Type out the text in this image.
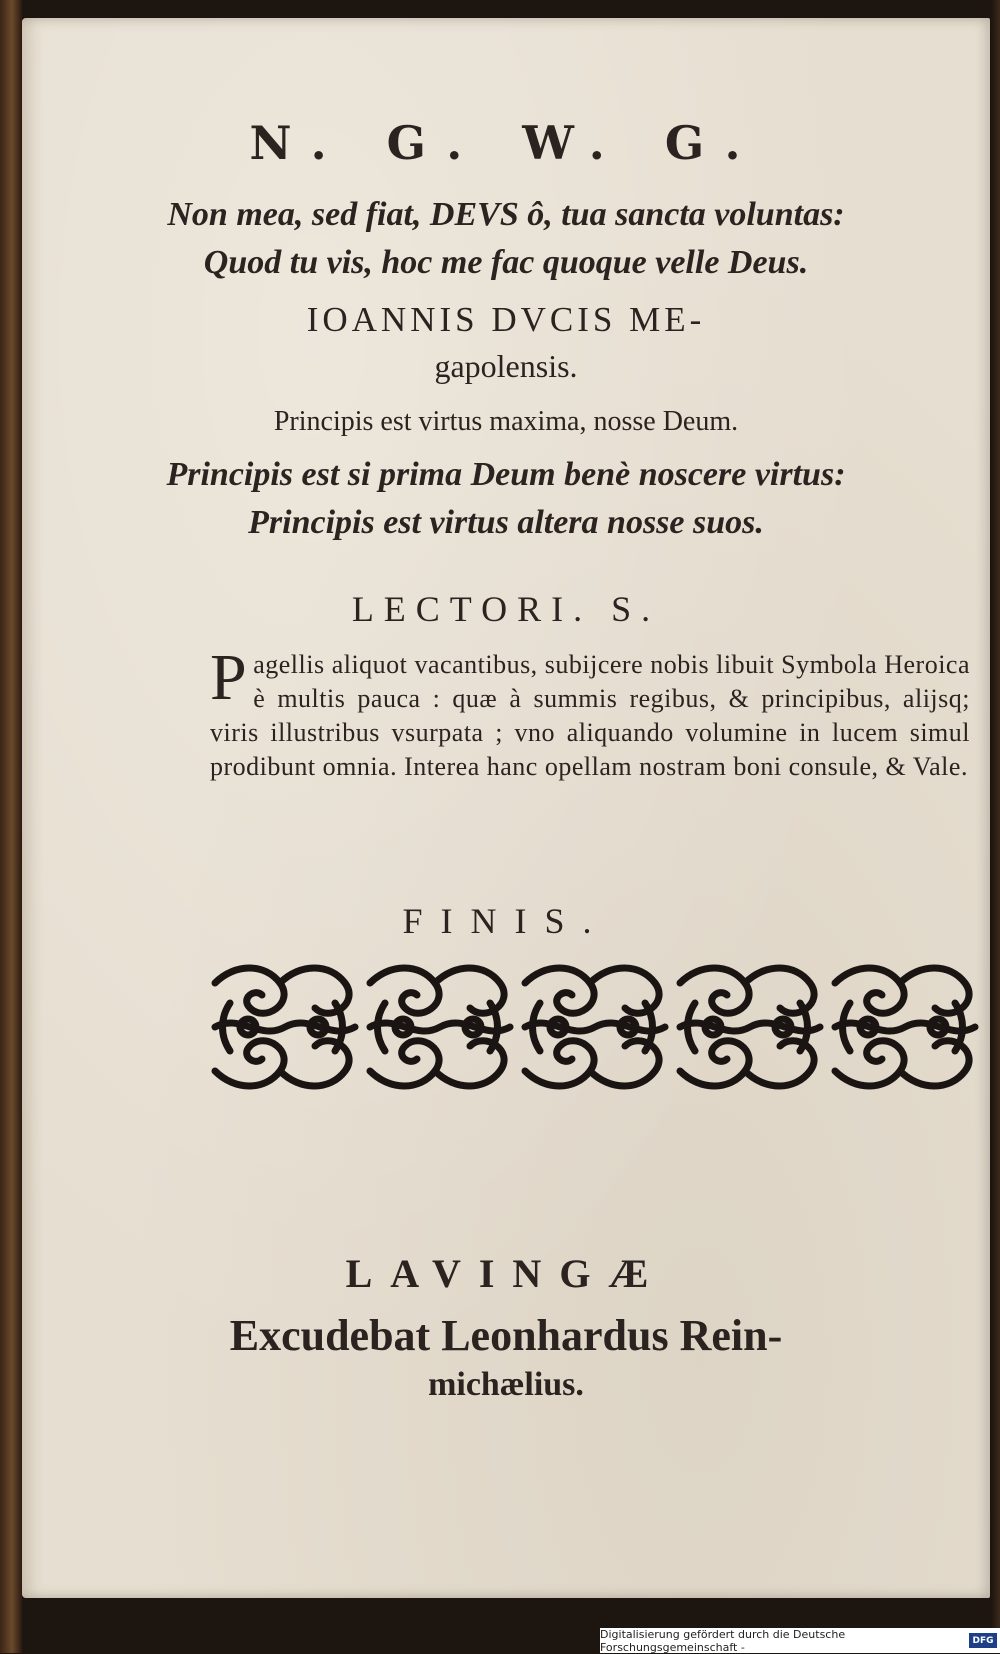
N. G. W. G.

Non mea, sed fiat, DEVS ô, tua sancta voluntas:

Quod tu vis, hoc me fac quoque velle Deus.

IOANNIS DVCIS ME-

gapolensis.

Principis est virtus maxima, nosse Deum.

Principis est si prima Deum benè noscere virtus:

Principis est virtus altera nosse suos.

LECTORI. S.

Pagellis aliquot vacantibus, subijcere nobis libuit Symbola Heroica è multis pauca : quæ à summis regibus, & principibus, alijsq; viris illustribus vsurpata ; vno aliquando volumine in lucem simul prodibunt omnia. Interea hanc opellam nostram boni consule, & Vale.

FINIS.

LAVINGÆ

Excudebat Leonhardus Rein-

michælius.

Digitalisierung gefördert durch die Deutsche Forschungsgemeinschaft -	DFG
